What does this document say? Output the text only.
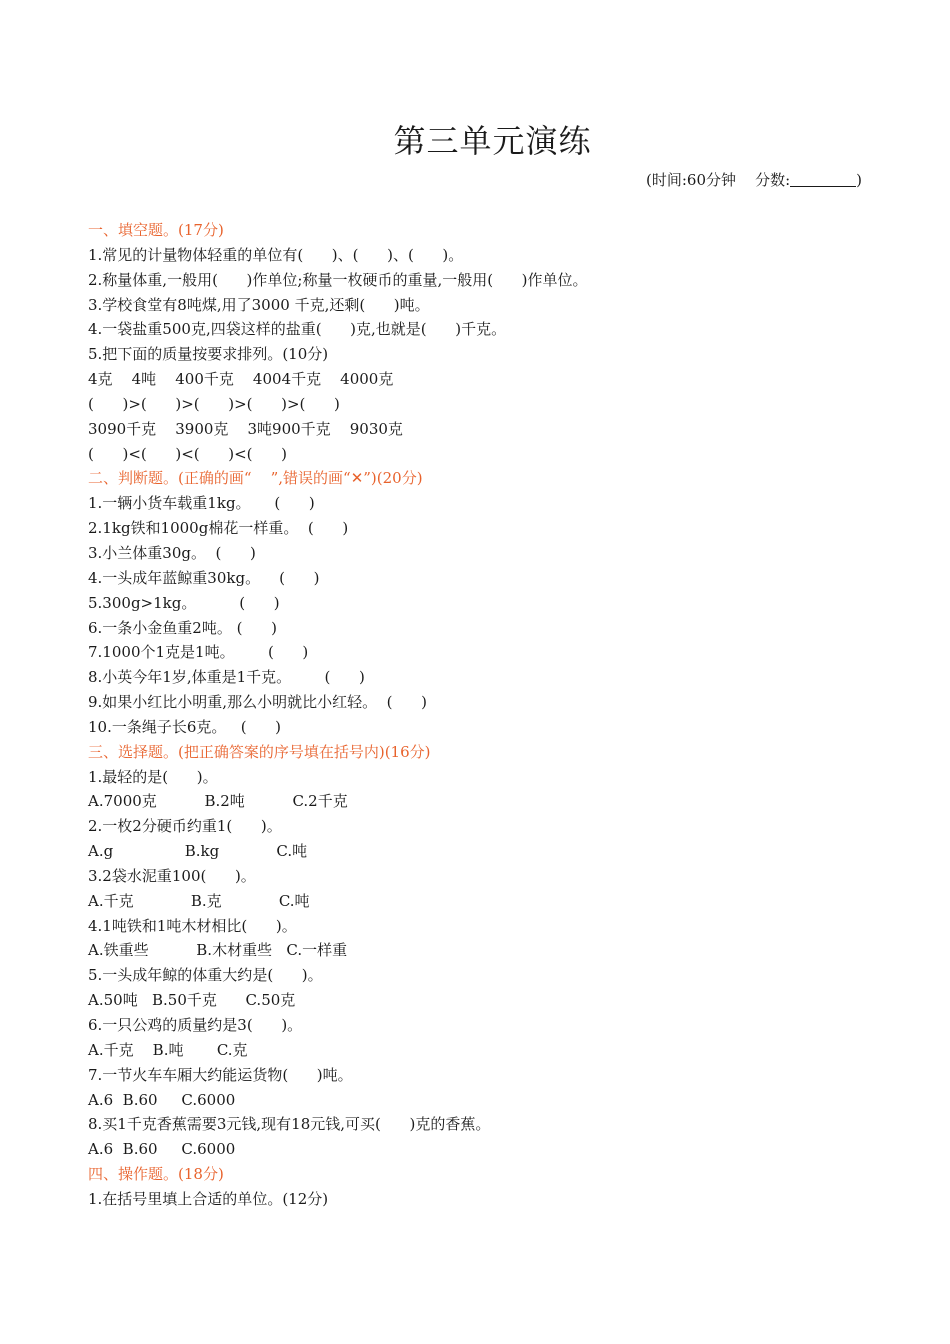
第三单元演练
(时间:60分钟    分数:	)
一、填空题。(17分)
1.常见的计量物体轻重的单位有(      )、(      )、(      )。
2.称量体重,一般用(      )作单位;称量一枚硬币的重量,一般用(      )作单位。
3.学校食堂有8吨煤,用了3000 千克,还剩(      )吨。
4.一袋盐重500克,四袋这样的盐重(      )克,也就是(      )千克。
5.把下面的质量按要求排列。(10分)
4克    4吨    400千克    4004千克    4000克
(      )>(      )>(      )>(      )>(      )
3090千克    3900克    3吨900千克    9030克
(      )<(      )<(      )<(      )
二、判断题。(正确的画“    ”,错误的画“✕”)(20分)
1.一辆小货车载重1kg。     (      )
2.1kg铁和1000g棉花一样重。  (      )
3.小兰体重30g。  (      )
4.一头成年蓝鲸重30kg。    (      )
5.300g>1kg。         (      )
6.一条小金鱼重2吨。 (      )
7.1000个1克是1吨。       (      )
8.小英今年1岁,体重是1千克。       (      )
9.如果小红比小明重,那么小明就比小红轻。  (      )
10.一条绳子长6克。   (      )
三、选择题。(把正确答案的序号填在括号内)(16分)
1.最轻的是(      )。
A.7000克          B.2吨          C.2千克
2.一枚2分硬币约重1(      )。
A.g               B.kg            C.吨
3.2袋水泥重100(      )。
A.千克            B.克            C.吨
4.1吨铁和1吨木材相比(      )。
A.铁重些          B.木材重些   C.一样重
5.一头成年鲸的体重大约是(      )。
A.50吨   B.50千克      C.50克
6.一只公鸡的质量约是3(      )。
A.千克    B.吨       C.克
7.一节火车车厢大约能运货物(      )吨。
A.6  B.60     C.6000
8.买1千克香蕉需要3元钱,现有18元钱,可买(      )克的香蕉。
A.6  B.60     C.6000
四、操作题。(18分)
1.在括号里填上合适的单位。(12分)
